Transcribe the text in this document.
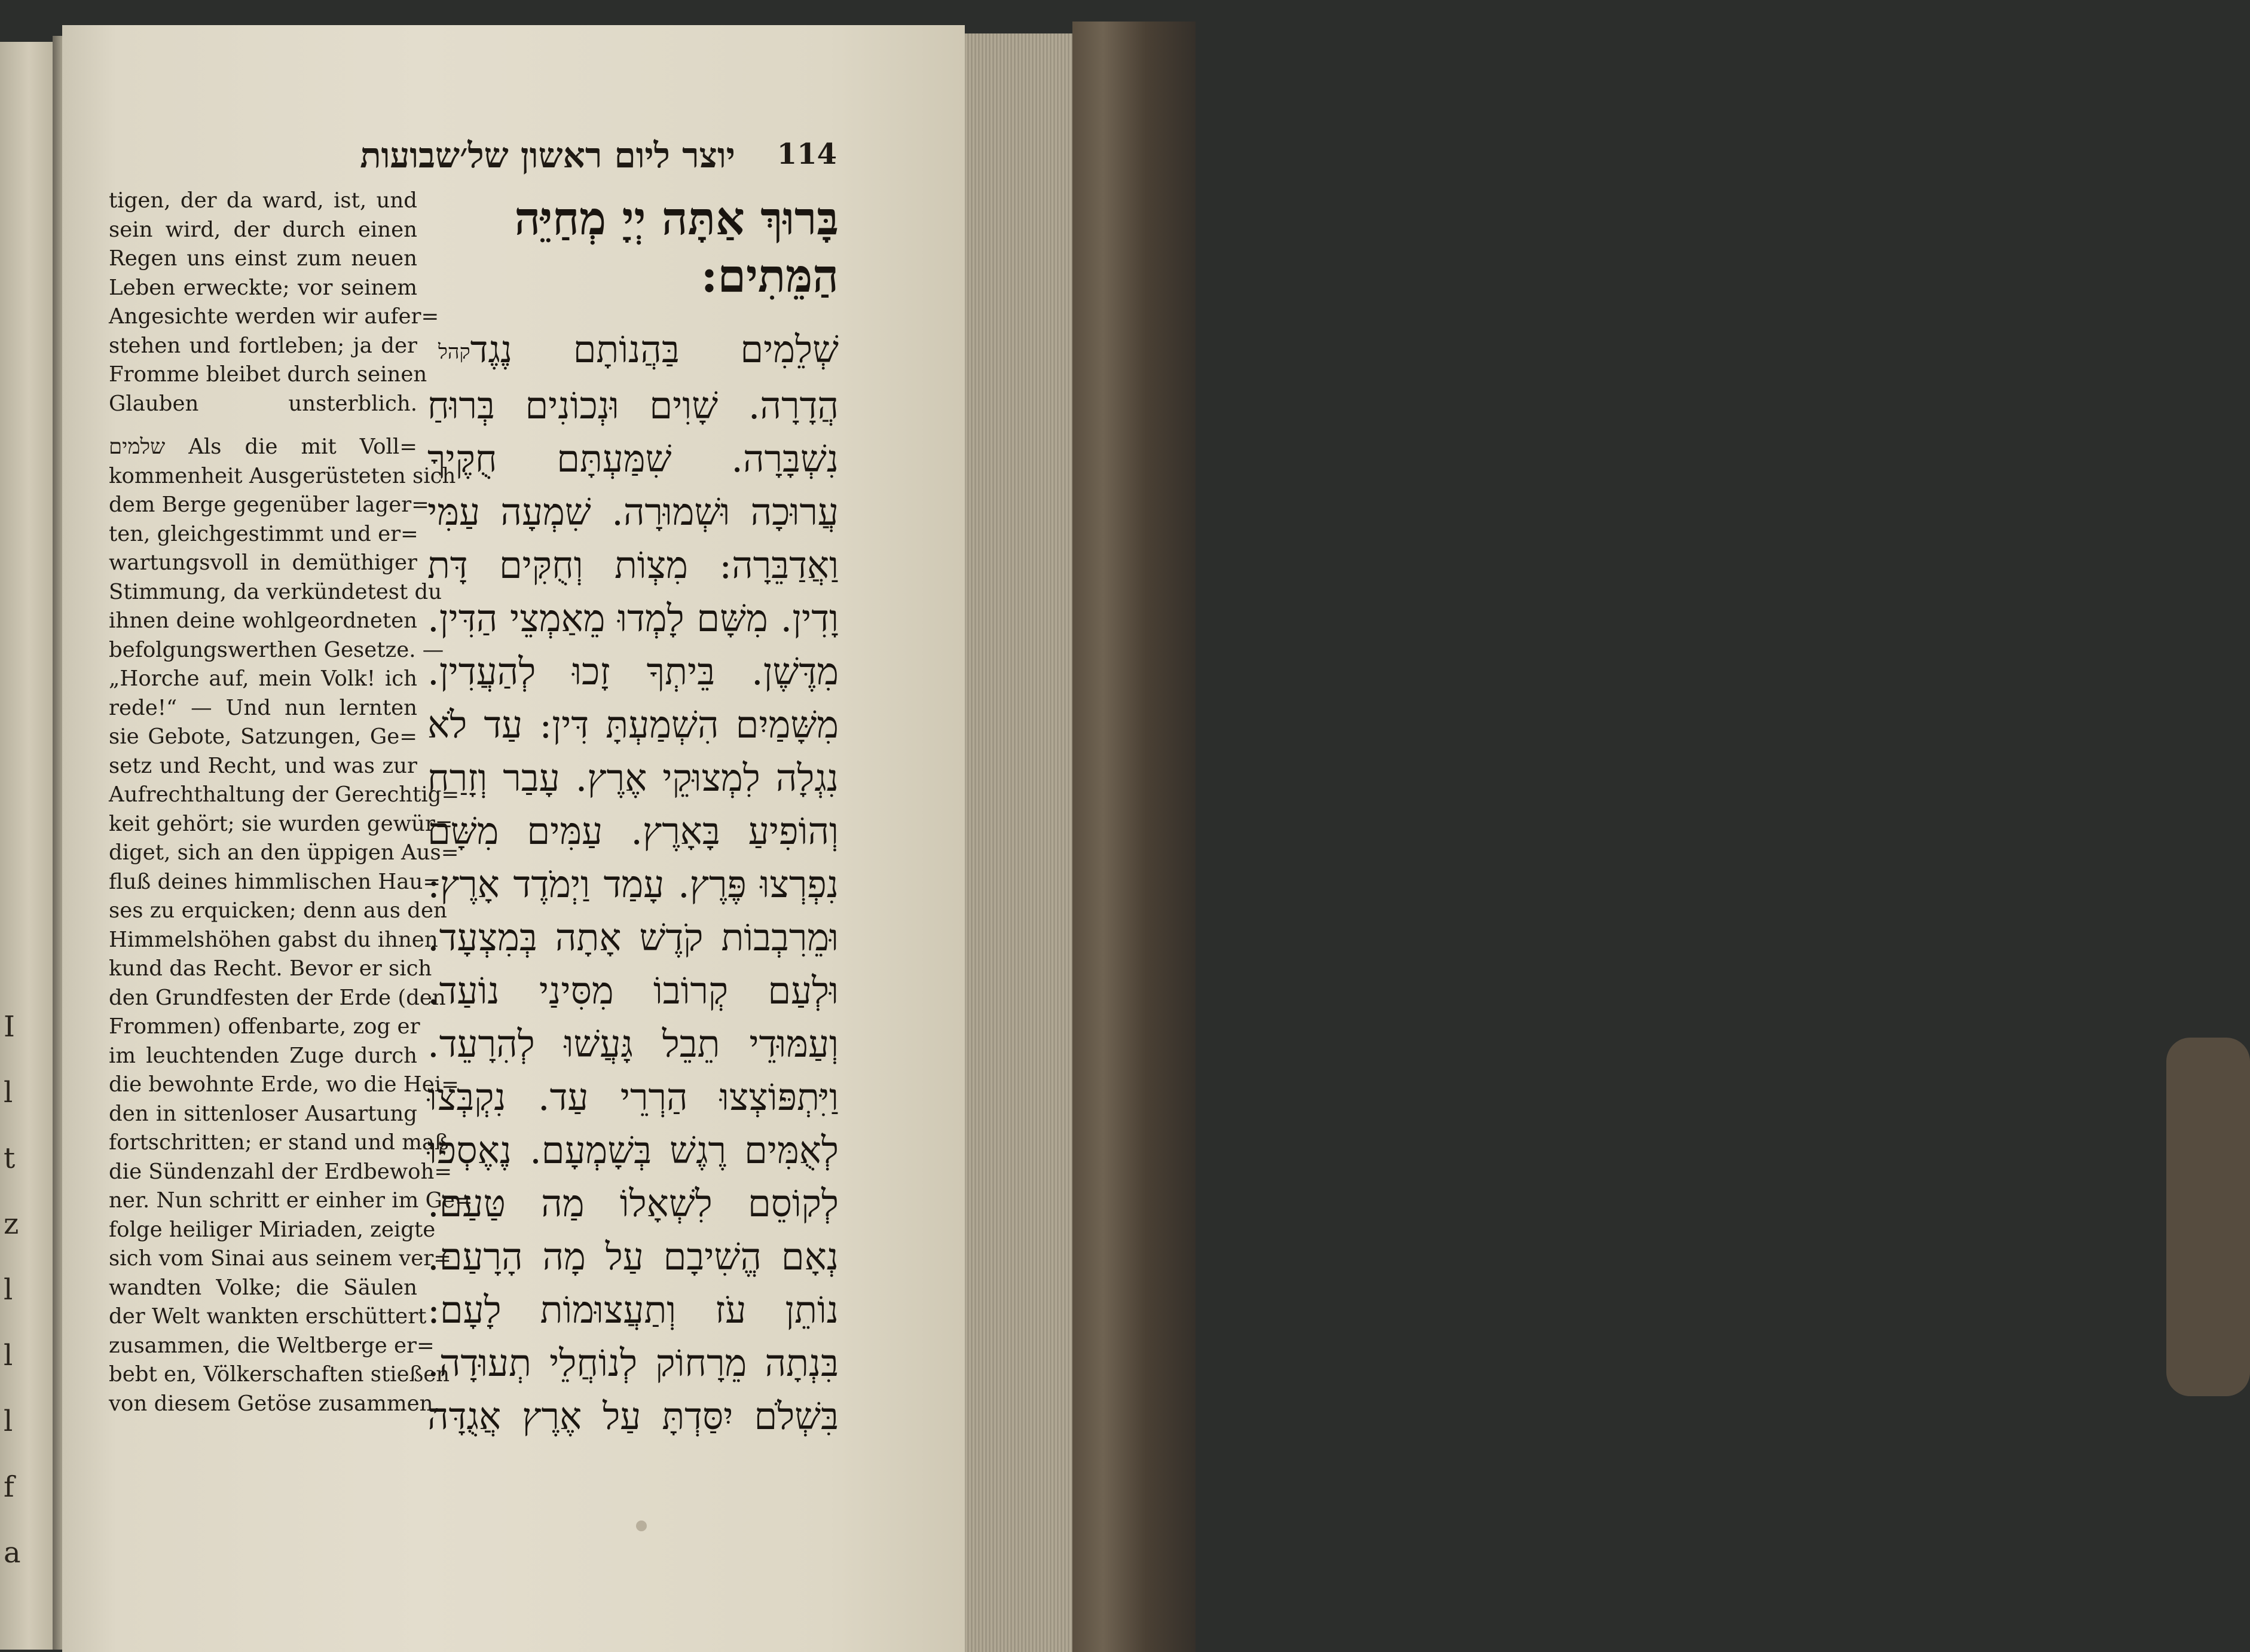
I
l
t
z
l
l
l
f
a
יוצר ליום ראשון של׳שבועות 114
tigen, der da ward, ist, und
sein wird, der durch einen
Regen uns einst zum neuen
Leben erweckte; vor seinem
Angesichte werden wir aufer=
stehen und fortleben; ja der
Fromme bleibet durch seinen
Glauben unsterblich.
שלמים Als die mit Voll=
kommenheit Ausgerüsteten sich
dem Berge gegenüber lager=
ten, gleichgestimmt und er=
wartungsvoll in demüthiger
Stimmung, da verkündetest du
ihnen deine wohlgeordneten
befolgungswerthen Gesetze. —
„Horche auf, mein Volk! ich
rede!“ — Und nun lernten
sie Gebote, Satzungen, Ge=
setz und Recht, und was zur
Aufrechthaltung der Gerechtig=
keit gehört; sie wurden gewür=
diget, sich an den üppigen Aus=
fluß deines himmlischen Hau=
ses zu erquicken; denn aus den
Himmelshöhen gabst du ihnen
kund das Recht. Bevor er sich
den Grundfesten der Erde (den
Frommen) offenbarte, zog er
im leuchtenden Zuge durch
die bewohnte Erde, wo die Hei=
den in sittenloser Ausartung
fortschritten; er stand und maß
die Sündenzahl der Erdbewoh=
ner. Nun schritt er einher im Ge=
folge heiliger Miriaden, zeigte
sich vom Sinai aus seinem ver=
wandten Volke; die Säulen
der Welt wankten erschüttert
zusammen, die Weltberge er=
bebt en, Völkerschaften stießen
von diesem Getöse zusammen,
בָּרוּךְ אַתָּה יְיָ מְחַיֵּה הַמֵּתִים:
שְׁלֵמִים בַּהֲנוֹתָם נֶגֶדקהל
הֲדָרָה. שָׁוִים וּנְכוֹנִים בְּרוּחַ
נִשְׁבָּרָה. שִׁמַּעְתָּם חֻקֶּיךָ
עֲרוּכָה וּשְׁמוּרָה. שִׁמְעָה עַמִּי
וַאֲדַבֵּרָה: מִצְוֹת וְחֻקִּים דָּת
וָדִין. מִשָּׁם לָמְדוּ מֵאַמְצֵי הַדִּין.
מִדֶּשֶׁן. בֵּיתְךָ זָכוּ לְהַעֲדִין.
מִשָּׁמַיִם הִשְׁמַעְתָּ דִּין: עַד לֹא
נִגְלָה לִמְצוּקֵי אֶרֶץ. עָבַר וְזָרַח
וְהוֹפִיעַ בָּאָרֶץ. עַמִּים מִשָּׁם
נִפְרְצוּ פֶּרֶץ. עָמַד וַיְמֹדֶד אָרֶץ:
וּמֵרִבְבוֹת קֹדֶשׁ אָתָה בְּמִצְעָד.
וּלְעַם קְרוֹבוֹ מִסִּינַי נוֹעַד.
וְעַמּוּדֵי תֵבֵל גָּעֲשׁוּ לְהִרָעֵד.
וַיִּתְפּוֹצְצוּ הַרְרֵי עַד. נִקְבְּצוּ
לְאֻמִּים רֶגֶשׁ בְּשָׁמְעָם. נֶאֶסְפוּ
לְקוֹסֵם לִשְׁאָלוֹ מַה טַּעַם.
נְאָם הֱשִׁיבָם עַל מָה הָרָעַם.
נוֹתֵן עֹז וְתַעֲצוּמוֹת לָעָם:
בִּנְתָה מֵרָחוֹק לְנוֹחֲלֵי תְעוּדָה.
בִּשְׁלֹם יִסַּדְתָּ עַל אֶרֶץ אֲגֻדָּה
